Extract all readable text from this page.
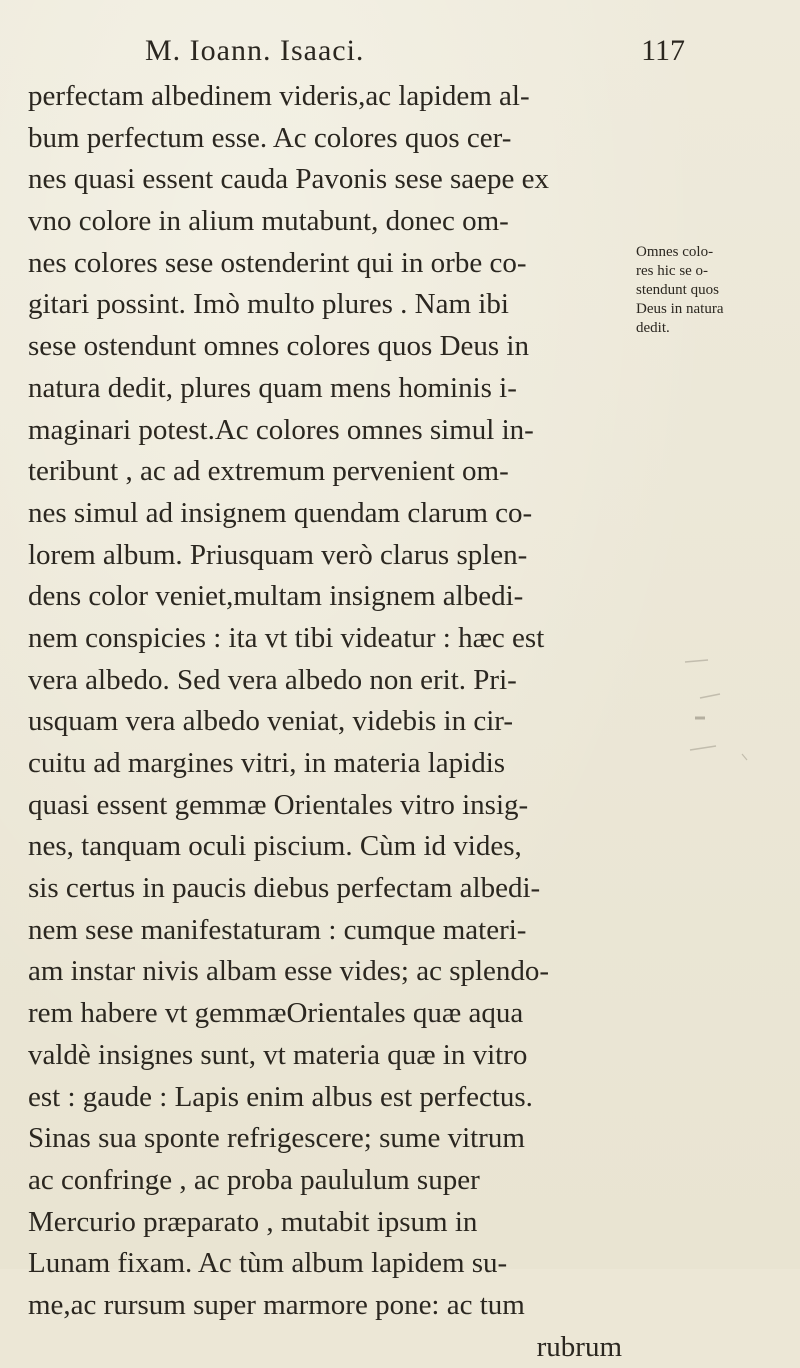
M. Ioann. Isaaci.	117
perfectam albedinem videris,ac lapidem al-
bum perfectum esse. Ac colores quos cer-
nes quasi essent cauda Pavonis sese saepe ex
vno colore in alium mutabunt, donec om-
nes colores sese ostenderint qui in orbe co-
gitari possint. Imò multo plures . Nam ibi
sese ostendunt omnes colores quos Deus in
natura dedit, plures quam mens hominis i-
maginari potest.Ac colores omnes simul in-
teribunt , ac ad extremum pervenient om-
nes simul ad insignem quendam clarum co-
lorem album. Priusquam verò clarus splen-
dens color veniet,multam insignem albedi-
nem conspicies : ita vt tibi videatur : hæc est
vera albedo. Sed vera albedo non erit. Pri-
usquam vera albedo veniat, videbis in cir-
cuitu ad margines vitri, in materia lapidis
quasi essent gemmæ Orientales vitro insig-
nes, tanquam oculi piscium. Cùm id vides,
sis certus in paucis diebus perfectam albedi-
nem sese manifestaturam : cumque materi-
am instar nivis albam esse vides; ac splendo-
rem habere vt gemmæOrientales quæ aqua
valdè insignes sunt, vt materia quæ in vitro
est : gaude : Lapis enim albus est perfectus.
Sinas sua sponte refrigescere; sume vitrum
ac confringe , ac proba paululum super
Mercurio præparato , mutabit ipsum in
Lunam fixam. Ac tùm album lapidem su-
me,ac rursum super marmore pone: ac tum
rubrum
Omnes colo-
res hic se o-
stendunt quos
Deus in natura
dedit.
